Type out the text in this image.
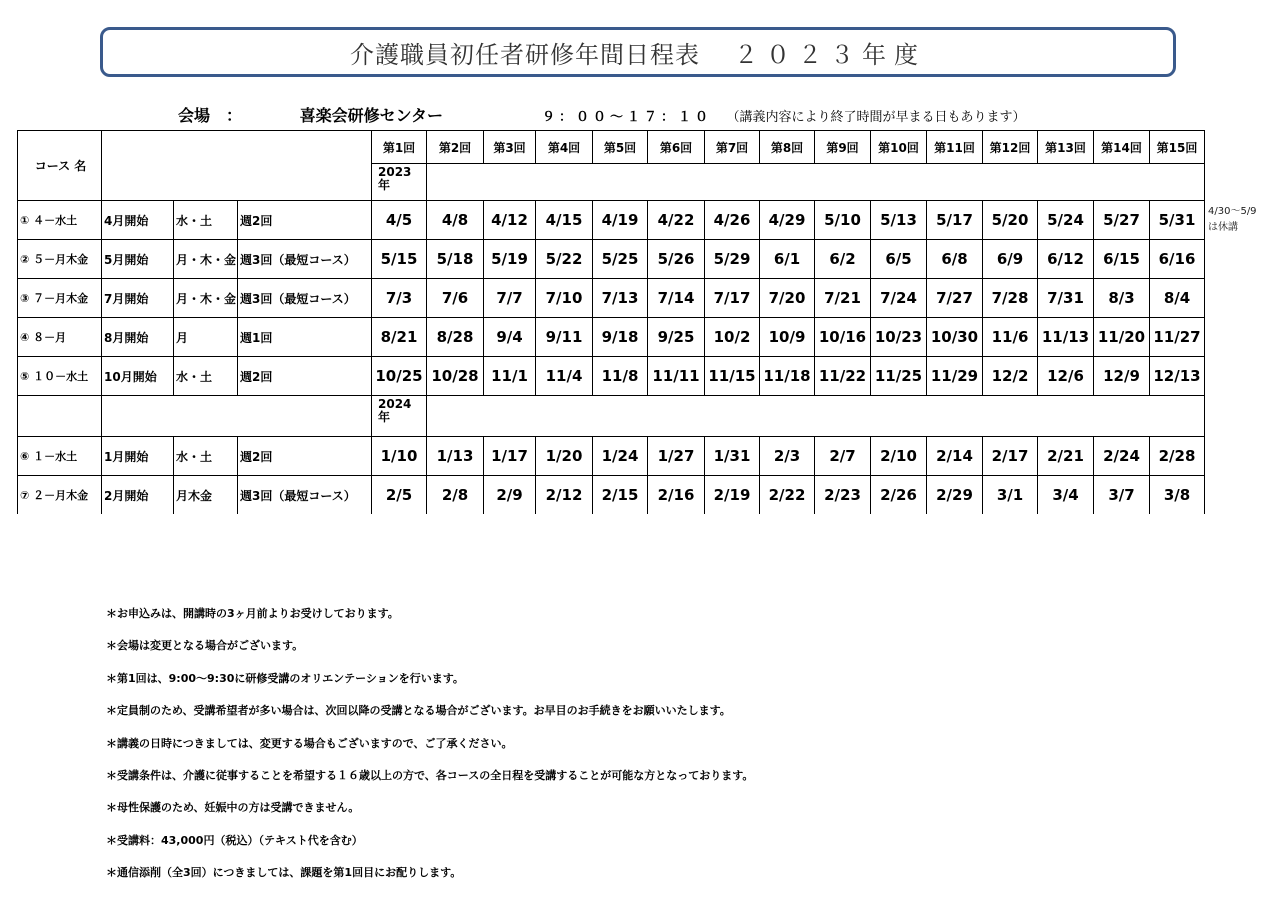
介護職員初任者研修年間日程表 ２０２３年度
会場　：	喜楽会研修センター	９：００～１７：１０ （講義内容により終了時間が早まる日もあります）
コース 名				第1回	第2回	第3回	第4回	第5回	第6回	第7回	第8回	第9回	第10回	第11回	第12回	第13回	第14回	第15回
				2023
年														
① ４－水土	4月開始	水・土	週2回	4/5	4/8	4/12	4/15	4/19	4/22	4/26	4/29	5/10	5/13	5/17	5/20	5/24	5/27	5/31
② ５－月木金	5月開始	月・木・金	週3回（最短コース）	5/15	5/18	5/19	5/22	5/25	5/26	5/29	6/1	6/2	6/5	6/8	6/9	6/12	6/15	6/16
③ ７－月木金	7月開始	月・木・金	週3回（最短コース）	7/3	7/6	7/7	7/10	7/13	7/14	7/17	7/20	7/21	7/24	7/27	7/28	7/31	8/3	8/4
④ ８－月	8月開始	月	週1回	8/21	8/28	9/4	9/11	9/18	9/25	10/2	10/9	10/16	10/23	10/30	11/6	11/13	11/20	11/27
⑤ １０－水土	10月開始	水・土	週2回	10/25	10/28	11/1	11/4	11/8	11/11	11/15	11/18	11/22	11/25	11/29	12/2	12/6	12/9	12/13
				2024
年														
⑥ １－水土	1月開始	水・土	週2回	1/10	1/13	1/17	1/20	1/24	1/27	1/31	2/3	2/7	2/10	2/14	2/17	2/21	2/24	2/28
⑦ ２－月木金	2月開始	月木金	週3回（最短コース）	2/5	2/8	2/9	2/12	2/15	2/16	2/19	2/22	2/23	2/26	2/29	3/1	3/4	3/7	3/8
4/30～5/9
は休講
＊お申込みは、開講時の3ヶ月前よりお受けしております。
＊会場は変更となる場合がございます。
＊第1回は、9:00～9:30に研修受講のオリエンテーションを行います。
＊定員制のため、受講希望者が多い場合は、次回以降の受講となる場合がございます。お早目のお手続きをお願いいたします。
＊講義の日時につきましては、変更する場合もございますので、ご了承ください。
＊受講条件は、介護に従事することを希望する１６歳以上の方で、各コースの全日程を受講することが可能な方となっております。
＊母性保護のため、妊娠中の方は受講できません。
＊受講料：43,000円（税込）（テキスト代を含む）
＊通信添削（全3回）につきましては、課題を第1回目にお配りします。
